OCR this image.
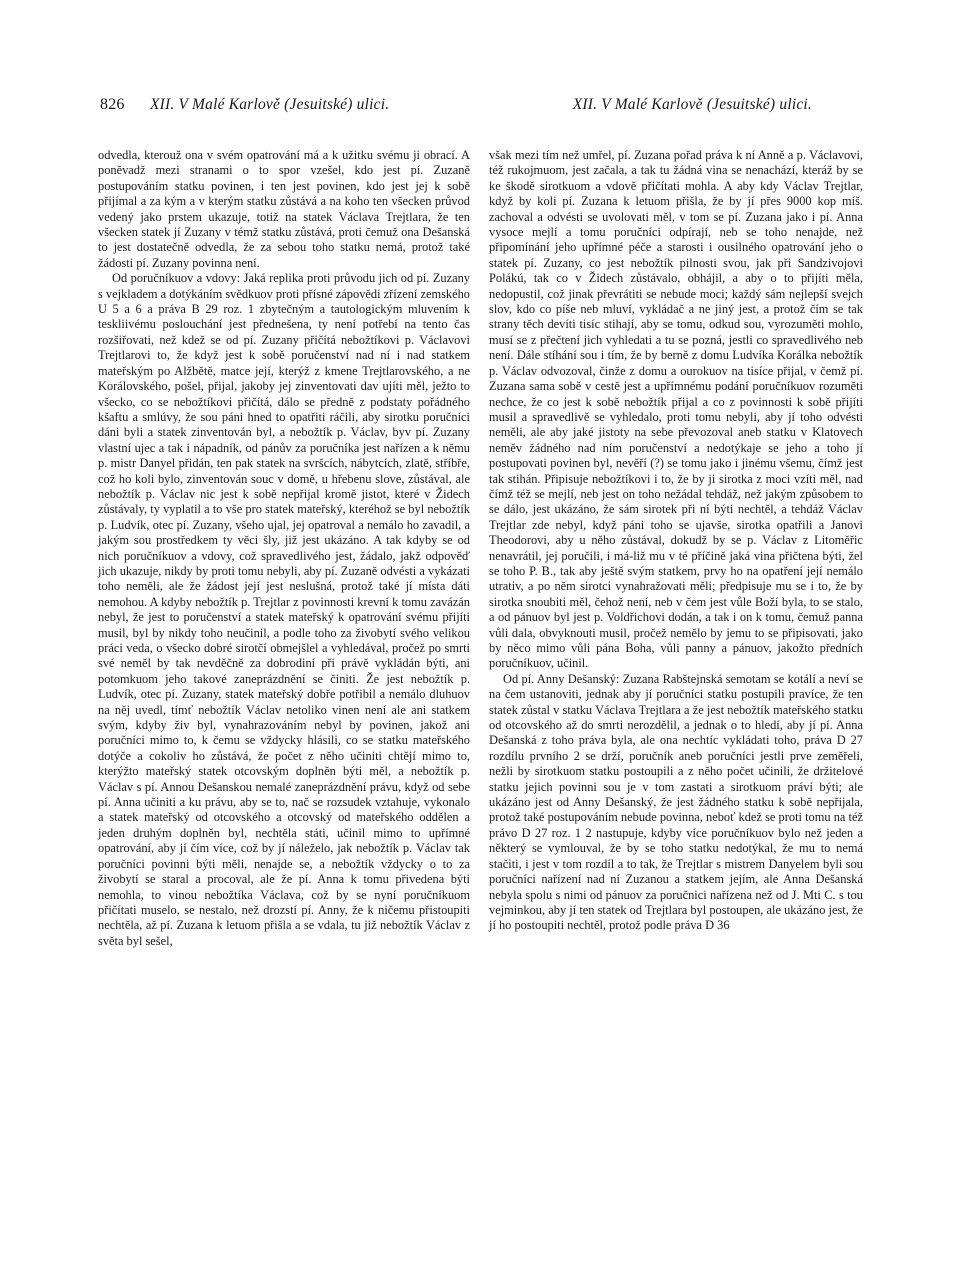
826 XII. V Malé Karlově (Jesuitské) ulici.	XII. V Malé Karlově (Jesuitské) ulici.

odvedla, kterouž ona v svém opatrování má a k užitku svému ji obrací. A poněvadž mezi stranami o to spor vzešel, kdo jest pí. Zuzaně postupováním statku povinen, i ten jest povinen, kdo jest jej k sobě přijímal a za kým a v kterým statku zůstává a na koho ten všecken průvod vedený jako prstem ukazuje, totiž na statek Václava Trejtlara, že ten všecken statek jí Zuzany v témž statku zůstává, proti čemuž ona Dešanská to jest dostatečně odvedla, že za sebou toho statku nemá, protož také žádosti pí. Zuzany povinna není.

Od poručníkuov a vdovy: Jaká replika proti průvodu jich od pí. Zuzany s vejkladem a dotýkáním svědkuov proti přísné zápovědi zřízení zemského U 5 a 6 a práva B 29 roz. 1 zbytečným a tautologickým mluvením k teskliivému poslouchání jest přednešena, ty není potřebí na tento čas rozšiřovati, než kdež se od pí. Zuzany přičítá nebožtíkovi p. Václavovi Trejtlarovi to, že když jest k sobě poručenství nad ní i nad statkem mateřským po Alžbětě, matce její, kterýž z kmene Trejtlarovského, a ne Korálovského, pošel, přijal, jakoby jej zinventovati dav ujíti měl, ježto to všecko, co se nebožtíkovi přičítá, dálo se předně z podstaty pořádného kšaftu a smlúvy, že sou páni hned to opatřiti ráčili, aby sirotku poručníci dáni byli a statek zinventován byl, a nebožtík p. Václav, byv pí. Zuzany vlastní ujec a tak i nápadník, od pánův za poručníka jest nařízen a k němu p. mistr Danyel přidán, ten pak statek na svršcích, nábytcích, zlatě, stříbře, což ho koli bylo, zinventován souc v domě, u hřebenu slove, zůstával, ale nebožtík p. Václav nic jest k sobě nepřijal kromě jistot, které v Židech zůstávaly, ty vyplatil a to vše pro statek mateřský, kteréhož se byl nebožtík p. Ludvík, otec pí. Zuzany, všeho ujal, jej opatroval a nemálo ho zavadil, a jakým sou prostředkem ty věci šly, již jest ukázáno. A tak kdyby se od nich poručníkuov a vdovy, což spravedlivého jest, žádalo, jakž odpověď jich ukazuje, nikdy by proti tomu nebyli, aby pí. Zuzaně odvésti a vykázati toho neměli, ale že žádost její jest neslušná, protož také jí místa dáti nemohou. A kdyby nebožtík p. Trejtlar z povinnosti krevní k tomu zavázán nebyl, že jest to poručenství a statek mateřský k opatrování svému přijíti musil, byl by nikdy toho neučinil, a podle toho za živobytí svého velikou práci veda, o všecko dobré sirotčí obmejšlel a vyhledával, pročež po smrti své neměl by tak nevděčně za dobrodiní při právě vykládán býti, ani potomkuom jeho takové zaneprázdnění se činiti. Že jest nebožtík p. Ludvík, otec pí. Zuzany, statek mateřský dobře potřibil a nemálo dluhuov na něj uvedl, tímť nebožtík Václav netoliko vinen není ale ani statkem svým, kdyby živ byl, vynahrazováním nebyl by povinen, jakož ani poručníci mimo to, k čemu se vždycky hlásili, co se statku mateřského dotýče a cokoliv ho zůstává, že počet z něho učiniti chtějí mimo to, kterýžto mateřský statek otcovským doplněn býti měl, a nebožtík p. Václav s pí. Annou Dešanskou nemalé zaneprázdnění právu, když od sebe pí. Anna učiniti a ku právu, aby se to, nač se rozsudek vztahuje, vykonalo a statek mateřský od otcovského a otcovský od mateřského oddělen a jeden druhým doplněn byl, nechtěla státi, učinil mimo to upřímné opatrování, aby jí čím více, což by jí náleželo, jak nebožtík p. Václav tak poručníci povinni býti měli, nenajde se, a nebožtík vždycky o to za živobytí se staral a procoval, ale že pí. Anna k tomu přivedena býti nemohla, to vinou nebožtíka Václava, což by se nyní poručníkuom přičítati muselo, se nestalo, než drozstí pí. Anny, že k ničemu přistoupiti nechtěla, až pí. Zuzana k letuom přišla a se vdala, tu již nebožtík Václav z světa byl sešel,

však mezi tím než umřel, pí. Zuzana pořad práva k ní Anně a p. Václavovi, též rukojmuom, jest začala, a tak tu žádná vina se nenachází, kteráž by se ke škodě sirotkuom a vdově přičítati mohla. A aby kdy Václav Trejtlar, když by koli pí. Zuzana k letuom přišla, že by jí přes 9000 kop míš. zachoval a odvésti se uvolovati měl, v tom se pí. Zuzana jako i pí. Anna vysoce mejlí a tomu poručníci odpírají, neb se toho nenajde, než připomínání jeho upřímné péče a starosti i ousilného opatrování jeho o statek pí. Zuzany, co jest nebožtík pilnosti svou, jak při Sandzivojovi Polákú, tak co v Židech zůstávalo, obhájil, a aby o to přijíti měla, nedopustil, což jinak převrátiti se nebude moci; každý sám nejlepší svejch slov, kdo co píše neb mluví, vykládač a ne jiný jest, a protož čím se tak strany těch devíti tisíc stihají, aby se tomu, odkud sou, vyrozuměti mohlo, musí se z přečtení jich vyhledati a tu se pozná, jestli co spravedlivého neb není. Dále stíhání sou i tím, že by berně z domu Ludvíka Korálka nebožtík p. Václav odvozoval, činže z domu a ourokuov na tisíce přijal, v čemž pí. Zuzana sama sobě v cestě jest a upřímnému podání poručníkuov rozuměti nechce, že co jest k sobě nebožtík přijal a co z povinnosti k sobě přijíti musil a spravedlivě se vyhledalo, proti tomu nebyli, aby jí toho odvésti neměli, ale aby jaké jistoty na sebe převozoval aneb statku v Klatovech neměv žádného nad ním poručenství a nedotýkaje se jeho a toho jí postupovati povinen byl, nevěří (?) se tomu jako i jinému všemu, čímž jest tak stihán. Připisuje nebožtíkovi i to, že by ji sirotka z moci vzíti měl, nad čímž též se mejlí, neb jest on toho nežádal tehdáž, než jakým způsobem to se dálo, jest ukázáno, že sám sirotek při ní býti nechtěl, a tehdáž Václav Trejtlar zde nebyl, když páni toho se ujavše, sirotka opatřili a Janovi Theodorovi, aby u něho zůstával, dokudž by se p. Václav z Litoměřic nenavrátil, jej poručili, i má-liž mu v té příčině jaká vina přičtena býti, žel se toho P. B., tak aby ještě svým statkem, prvy ho na opatření její nemálo utrativ, a po něm sirotci vynahražovati měli; předpisuje mu se i to, že by sirotka snoubiti měl, čehož není, neb v čem jest vůle Boží byla, to se stalo, a od pánuov byl jest p. Voldřichovi dodán, a tak i on k tomu, čemuž panna vůli dala, obvyknouti musil, pročež nemělo by jemu to se připisovati, jako by něco mimo vůli pána Boha, vůli panny a pánuov, jakožto předních poručníkuov, učinil.

Od pí. Anny Dešanský: Zuzana Rabštejnská semotam se kotálí a neví se na čem ustanoviti, jednak aby jí poručníci statku postupili pravíce, že ten statek zůstal v statku Václava Trejtlara a že jest nebožtík mateřského statku od otcovského až do smrti nerozdělil, a jednak o to hledí, aby jí pí. Anna Dešanská z toho práva byla, ale ona nechtíc vykládati toho, práva D 27 rozdílu prvního 2 se drží, poručník aneb poručníci jestli prve zeměřeli, nežli by sirotkuom statku postoupili a z něho počet učinili, že držitelové statku jejich povinni sou je v tom zastati a sirotkuom práví býti; ale ukázáno jest od Anny Dešanský, že jest žádného statku k sobě nepřijala, protož také postupováním nebude povinna, neboť kdež se proti tomu na též právo D 27 roz. 1 2 nastupuje, kdyby více poručníkuov bylo než jeden a některý se vymlouval, že by se toho statku nedotýkal, že mu to nemá stačiti, i jest v tom rozdíl a to tak, že Trejtlar s mistrem Danyelem byli sou poručníci nařízení nad ní Zuzanou a statkem jejím, ale Anna Dešanská nebyla spolu s nimi od pánuov za poručnici nařízena než od J. Mti C. s tou vejminkou, aby jí ten statek od Trejtlara byl postoupen, ale ukázáno jest, že jí ho postoupiti nechtěl, protož podle práva D 36
